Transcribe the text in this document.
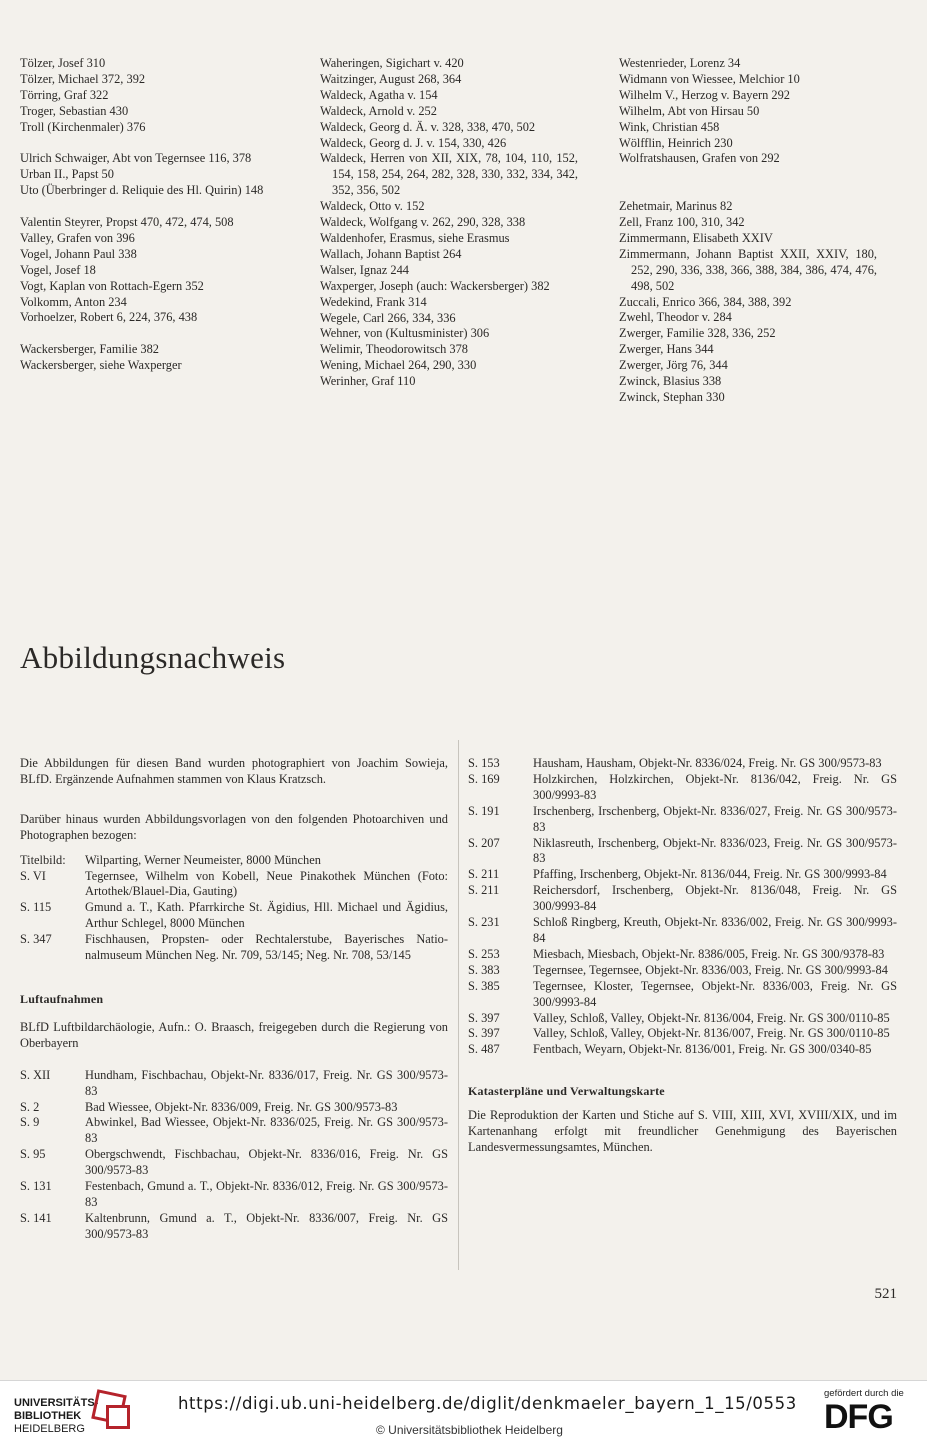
Tölzer, Josef 310
Tölzer, Michael 372, 392
Törring, Graf 322
Troger, Sebastian 430
Troll (Kirchenmaler) 376
Ulrich Schwaiger, Abt von Tegernsee 116, 378
Urban II., Papst 50
Uto (Überbringer d. Reliquie des Hl. Quirin) 148
Valentin Steyrer, Propst 470, 472, 474, 508
Valley, Grafen von 396
Vogel, Johann Paul 338
Vogel, Josef 18
Vogt, Kaplan von Rottach-Egern 352
Volkomm, Anton 234
Vorhoelzer, Robert 6, 224, 376, 438
Wackersberger, Familie 382
Wackersberger, siehe Waxperger
Waheringen, Sigichart v. 420
Waitzinger, August 268, 364
Waldeck, Agatha v. 154
Waldeck, Arnold v. 252
Waldeck, Georg d. Ä. v. 328, 338, 470, 502
Waldeck, Georg d. J. v. 154, 330, 426
Waldeck, Herren von XII, XIX, 78, 104, 110, 152, 154, 158, 254, 264, 282, 328, 330, 332, 334, 342, 352, 356, 502
Waldeck, Otto v. 152
Waldeck, Wolfgang v. 262, 290, 328, 338
Waldenhofer, Erasmus, siehe Erasmus
Wallach, Johann Baptist 264
Walser, Ignaz 244
Waxperger, Joseph (auch: Wackersberger) 382
Wedekind, Frank 314
Wegele, Carl 266, 334, 336
Wehner, von (Kultusminister) 306
Welimir, Theodorowitsch 378
Wening, Michael 264, 290, 330
Werinher, Graf 110
Westenrieder, Lorenz 34
Widmann von Wiessee, Melchior 10
Wilhelm V., Herzog v. Bayern 292
Wilhelm, Abt von Hirsau 50
Wink, Christian 458
Wölfflin, Heinrich 230
Wolfratshausen, Grafen von 292
Zehetmair, Marinus 82
Zell, Franz 100, 310, 342
Zimmermann, Elisabeth XXIV
Zimmermann, Johann Baptist XXII, XXIV, 180, 252, 290, 336, 338, 366, 388, 384, 386, 474, 476, 498, 502
Zuccali, Enrico 366, 384, 388, 392
Zwehl, Theodor v. 284
Zwerger, Familie 328, 336, 252
Zwerger, Hans 344
Zwerger, Jörg 76, 344
Zwinck, Blasius 338
Zwinck, Stephan 330
Abbildungsnachweis

Die Abbildungen für diesen Band wurden photographiert von Joachim Sowieja, BLfD. Ergänzende Aufnahmen stammen von Klaus Kratzsch.

Darüber hinaus wurden Abbildungsvorlagen von den folgenden Photoarchiven und Photographen bezogen:

Titelbild:	Wilparting, Werner Neumeister, 8000 München
S. VI	Tegernsee, Wilhelm von Kobell, Neue Pinakothek München (Foto: Artothek/Blauel-Dia, Gauting)
S. 115	Gmund a. T., Kath. Pfarrkirche St. Ägidius, Hll. Michael und Ägidius, Arthur Schlegel, 8000 München
S. 347	Fischhausen, Propsten- oder Rechtalerstube, Bayerisches Nationalmuseum München Neg. Nr. 709, 53/145; Neg. Nr. 708, 53/145

Luftaufnahmen

BLfD Luftbildarchäologie, Aufn.: O. Braasch, freigegeben durch die Regierung von Oberbayern

S. XII	Hundham, Fischbachau, Objekt-Nr. 8336/017, Freig. Nr. GS 300/9573-83
S. 2	Bad Wiessee, Objekt-Nr. 8336/009, Freig. Nr. GS 300/9573-83
S. 9	Abwinkel, Bad Wiessee, Objekt-Nr. 8336/025, Freig. Nr. GS 300/9573-83
S. 95	Obergschwendt, Fischbachau, Objekt-Nr. 8336/016, Freig. Nr. GS 300/9573-83
S. 131	Festenbach, Gmund a. T., Objekt-Nr. 8336/012, Freig. Nr. GS 300/9573-83
S. 141	Kaltenbrunn, Gmund a. T., Objekt-Nr. 8336/007, Freig. Nr. GS 300/9573-83
S. 153	Hausham, Hausham, Objekt-Nr. 8336/024, Freig. Nr. GS 300/9573-83
S. 169	Holzkirchen, Holzkirchen, Objekt-Nr. 8136/042, Freig. Nr. GS 300/9993-83
S. 191	Irschenberg, Irschenberg, Objekt-Nr. 8336/027, Freig. Nr. GS 300/9573-83
S. 207	Niklasreuth, Irschenberg, Objekt-Nr. 8336/023, Freig. Nr. GS 300/9573-83
S. 211	Pfaffing, Irschenberg, Objekt-Nr. 8136/044, Freig. Nr. GS 300/9993-84
S. 211	Reichersdorf, Irschenberg, Objekt-Nr. 8136/048, Freig. Nr. GS 300/9993-84
S. 231	Schloß Ringberg, Kreuth, Objekt-Nr. 8336/002, Freig. Nr. GS 300/9993-84
S. 253	Miesbach, Miesbach, Objekt-Nr. 8386/005, Freig. Nr. GS 300/9378-83
S. 383	Tegernsee, Tegernsee, Objekt-Nr. 8336/003, Freig. Nr. GS 300/9993-84
S. 385	Tegernsee, Kloster, Tegernsee, Objekt-Nr. 8336/003, Freig. Nr. GS 300/9993-84
S. 397	Valley, Schloß, Valley, Objekt-Nr. 8136/004, Freig. Nr. GS 300/0110-85
S. 397	Valley, Schloß, Valley, Objekt-Nr. 8136/007, Freig. Nr. GS 300/0110-85
S. 487	Fentbach, Weyarn, Objekt-Nr. 8136/001, Freig. Nr. GS 300/0340-85

Katasterpläne und Verwaltungskarte

Die Reproduktion der Karten und Stiche auf S. VIII, XIII, XVI, XVIII/XIX, und im Kartenanhang erfolgt mit freundlicher Genehmigung des Bayerischen Landesvermessungsamtes, München.

521
UNIVERSITÄTS-
BIBLIOTHEK
HEIDELBERG
https://digi.ub.uni-heidelberg.de/diglit/denkmaeler_bayern_1_15/0553
© Universitätsbibliothek Heidelberg
gefördert durch die
DFG
